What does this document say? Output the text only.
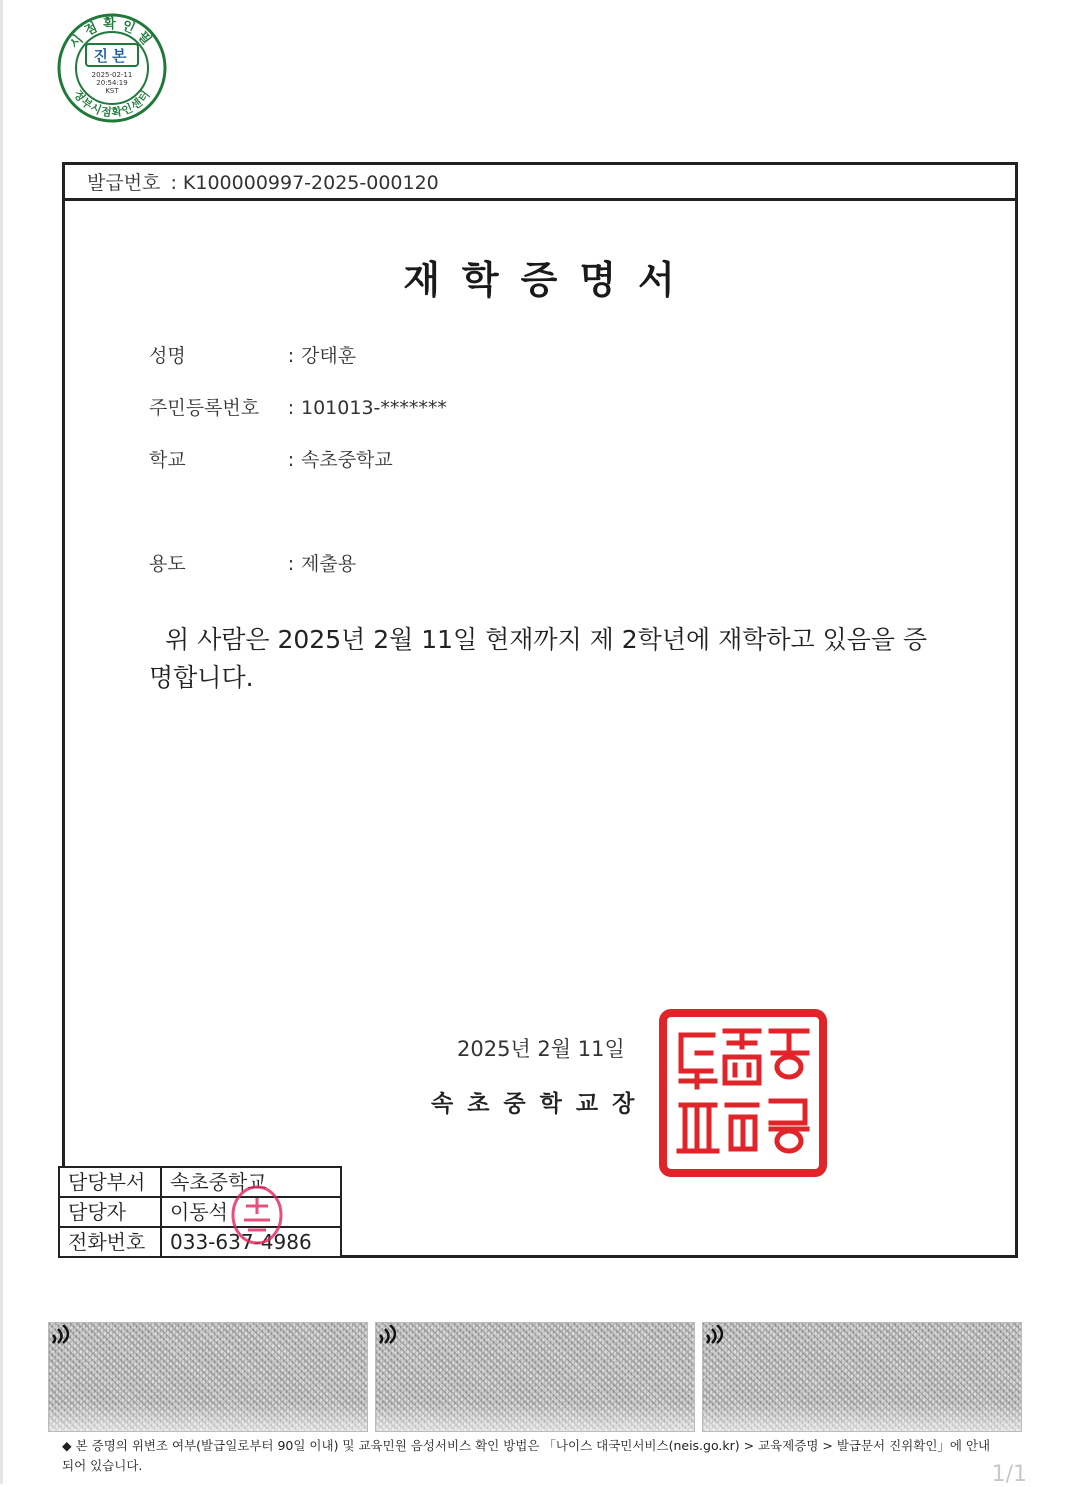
시점확인필
정부시점확인센터
진본
2025-02-11
20:54:19
KST
발급번호 : K100000997-2025-000120
재학증명서
성명	: 강태훈
주민등록번호 : 101013-*******
학교	: 속초중학교
용도	: 제출용
위 사람은 2025년 2월 11일 현재까지 제 2학년에 재학하고 있음을 증명합니다.
2025년 2월 11일
속초중학교장
담당부서	속초중학교
담당자	이동석
전화번호	033-637-4986
◆ 본 증명의 위변조 여부(발급일로부터 90일 이내) 및 교육민원 음성서비스 확인 방법은 「나이스 대국민서비스(neis.go.kr) > 교육제증명 > 발급문서 진위확인」에 안내되어 있습니다.	1/1
